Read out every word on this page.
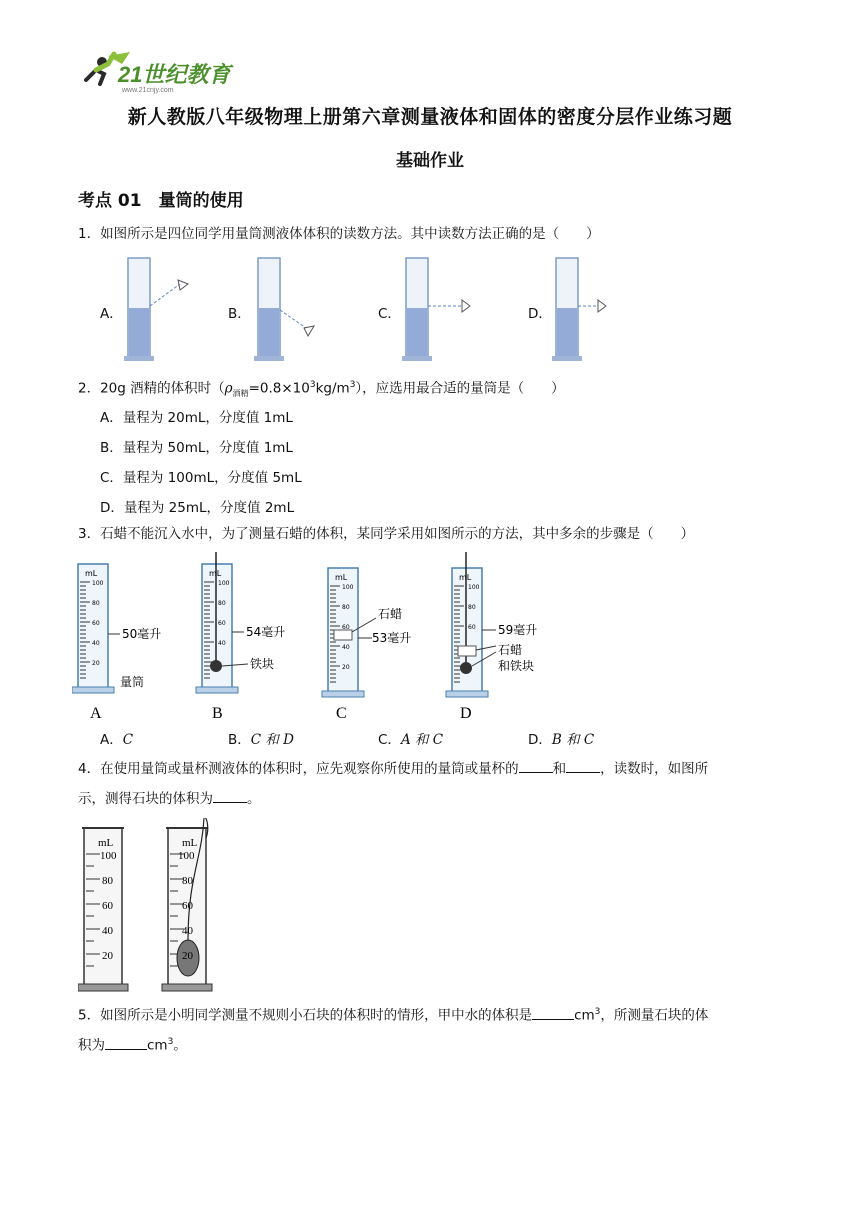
21世纪教育
www.21cnjy.com
新人教版八年级物理上册第六章测量液体和固体的密度分层作业练习题
基础作业
考点 01　量筒的使用
1．如图所示是四位同学用量筒测液体体积的读数方法。其中读数方法正确的是（　　）
A．	B．	C．	D．
2．20g 酒精的体积时$(\rho_{酒精}=0.8\times 10^3kg/m^3)$，应选用最合适的量筒是（　　）
A．量程为 20mL，分度值 1mL
B．量程为 50mL，分度值 1mL
C．量程为 100mL，分度值 5mL
D．量程为 25mL，分度值 2mL
3．石蜡不能沉入水中，为了测量石蜡的体积，某同学采用如图所示的方法，其中多余的步骤是（　　）
mL
100
80
60
40
20
50毫升
量筒
A
mL
100
80
60
40
54毫升
铁块
B
mL
100
80
60
40
20
石蜡
53毫升
C
mL
100
80
60 59毫升
石蜡
和铁块
D
A．C	B．C 和 D	C．A 和 C	D．B 和 C
4．在使用量筒或量杯测液体的体积时，应先观察你所使用的量筒或量杯的	和	，读数时，如图所
示，测得石块的体积为	。
mL
100
80
60
40
20
mL
100
80
60
40
20
5．如图所示是小明同学测量不规则小石块的体积时的情形，甲中水的体积是	$cm^3$，所测量石块的体
积为	$cm^3$。
